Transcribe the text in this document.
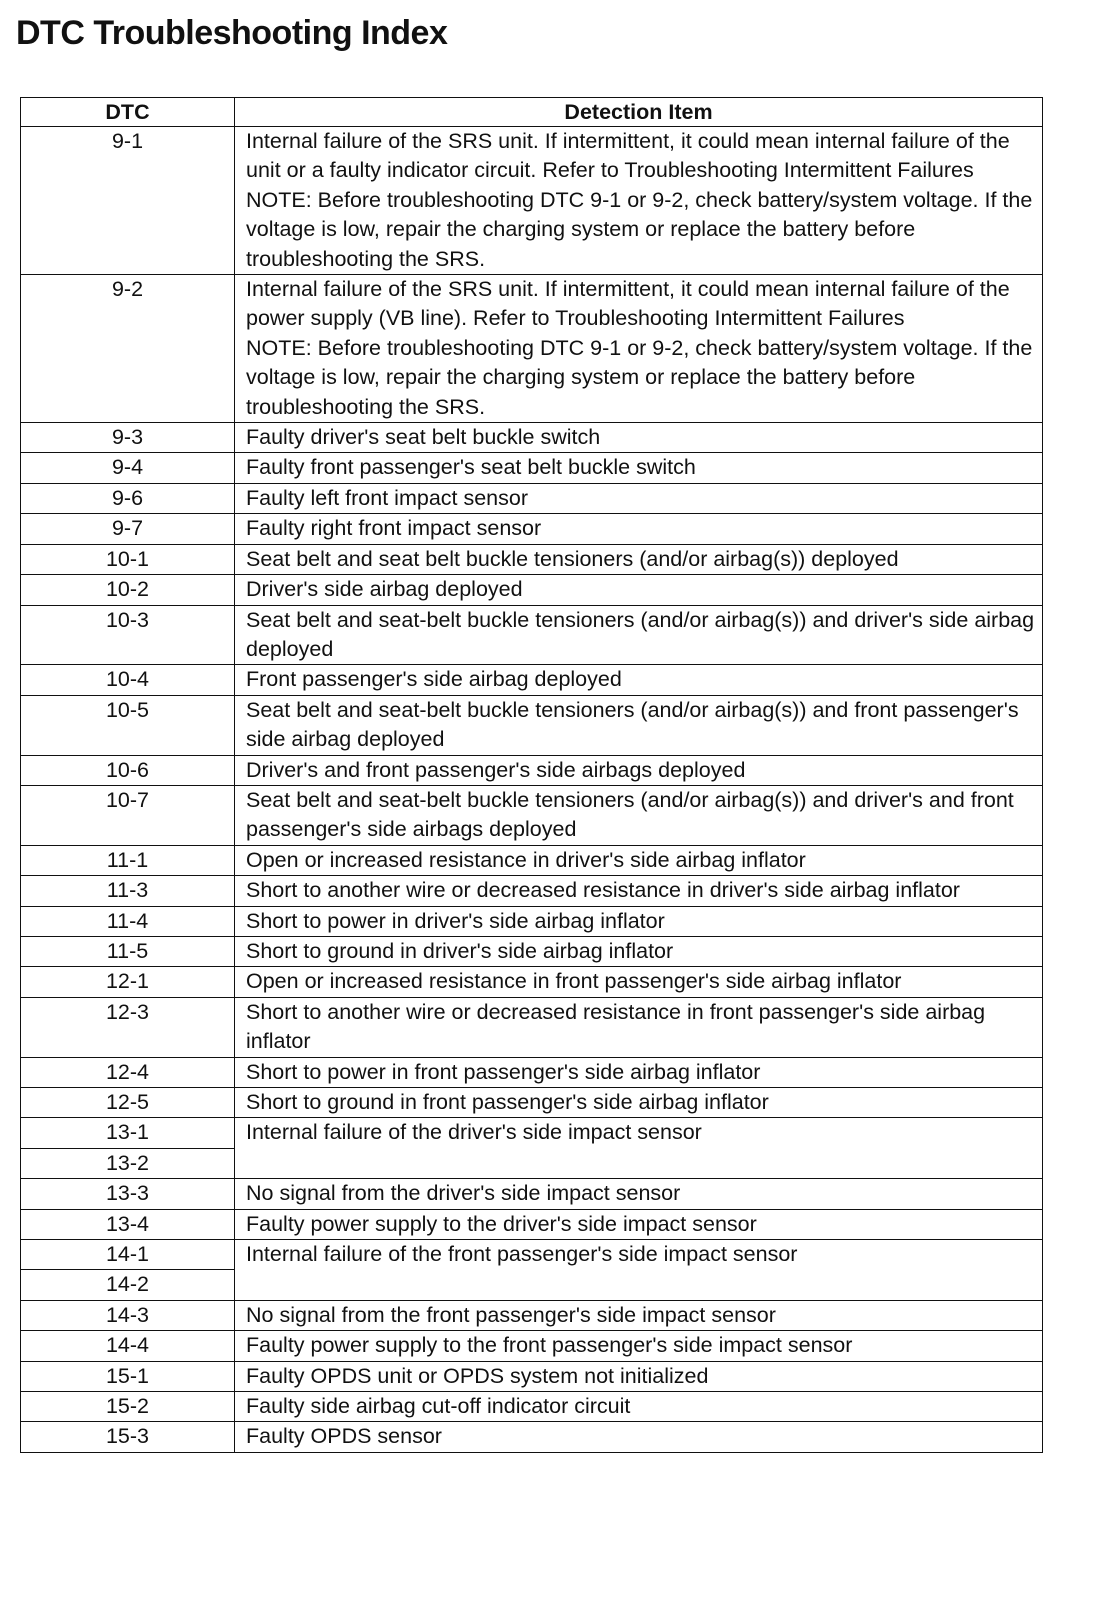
DTC Troubleshooting Index
DTC	Detection Item
9-1	Internal failure of the SRS unit. If intermittent, it could mean internal failure of the unit or a faulty indicator circuit. Refer to Troubleshooting Intermittent Failures
NOTE: Before troubleshooting DTC 9-1 or 9-2, check battery/system voltage. If the voltage is low, repair the charging system or replace the battery before troubleshooting the SRS.

9-2	Internal failure of the SRS unit. If intermittent, it could mean internal failure of the power supply (VB line). Refer to Troubleshooting Intermittent Failures
NOTE: Before troubleshooting DTC 9-1 or 9-2, check battery/system voltage. If the voltage is low, repair the charging system or replace the battery before troubleshooting the SRS.

9-3	Faulty driver's seat belt buckle switch
9-4	Faulty front passenger's seat belt buckle switch
9-6	Faulty left front impact sensor
9-7	Faulty right front impact sensor
10-1	Seat belt and seat belt buckle tensioners (and/or airbag(s)) deployed
10-2	Driver's side airbag deployed
10-3	Seat belt and seat-belt buckle tensioners (and/or airbag(s)) and driver's side airbag deployed
10-4	Front passenger's side airbag deployed
10-5	Seat belt and seat-belt buckle tensioners (and/or airbag(s)) and front passenger's side airbag deployed
10-6	Driver's and front passenger's side airbags deployed
10-7	Seat belt and seat-belt buckle tensioners (and/or airbag(s)) and driver's and front passenger's side airbags deployed
11-1	Open or increased resistance in driver's side airbag inflator
11-3	Short to another wire or decreased resistance in driver's side airbag inflator
11-4	Short to power in driver's side airbag inflator
11-5	Short to ground in driver's side airbag inflator
12-1	Open or increased resistance in front passenger's side airbag inflator
12-3	Short to another wire or decreased resistance in front passenger's side airbag inflator
12-4	Short to power in front passenger's side airbag inflator
12-5	Short to ground in front passenger's side airbag inflator
13-1	Internal failure of the driver's side impact sensor
13-2	
13-3	No signal from the driver's side impact sensor
13-4	Faulty power supply to the driver's side impact sensor
14-1	Internal failure of the front passenger's side impact sensor
14-2	
14-3	No signal from the front passenger's side impact sensor
14-4	Faulty power supply to the front passenger's side impact sensor
15-1	Faulty OPDS unit or OPDS system not initialized
15-2	Faulty side airbag cut-off indicator circuit
15-3	Faulty OPDS sensor
